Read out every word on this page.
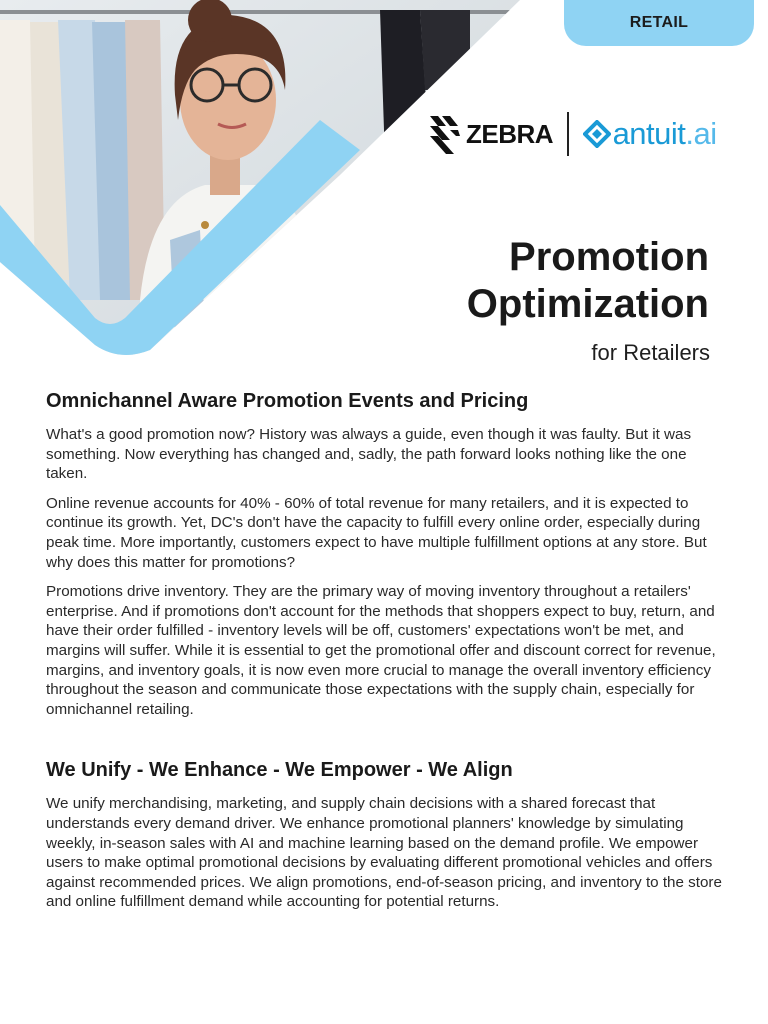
RETAIL
ZEBRA antuit.ai
Promotion
Optimization
for Retailers
Omnichannel Aware Promotion Events and Pricing

What's a good promotion now? History was always a guide, even though it was faulty. But it was something. Now everything has changed and, sadly, the path forward looks nothing like the one taken.

Online revenue accounts for 40% - 60% of total revenue for many retailers, and it is expected to continue its growth. Yet, DC's don't have the capacity to fulfill every online order, especially during peak time. More importantly, customers expect to have multiple fulfillment options at any store. But why does this matter for promotions?

Promotions drive inventory. They are the primary way of moving inventory throughout a retailers' enterprise. And if promotions don't account for the methods that shoppers expect to buy, return, and have their order fulfilled - inventory levels will be off, customers' expectations won't be met, and margins will suffer. While it is essential to get the promotional offer and discount correct for revenue, margins, and inventory goals, it is now even more crucial to manage the overall inventory efficiency throughout the season and communicate those expectations with the supply chain, especially for omnichannel retailing.

We Unify - We Enhance - We Empower - We Align

We unify merchandising, marketing, and supply chain decisions with a shared forecast that understands every demand driver. We enhance promotional planners' knowledge by simulating weekly, in-season sales with AI and machine learning based on the demand profile. We empower users to make optimal promotional decisions by evaluating different promotional vehicles and offers against recommended prices. We align promotions, end-of-season pricing, and inventory to the store and online fulfillment demand while accounting for potential returns.
